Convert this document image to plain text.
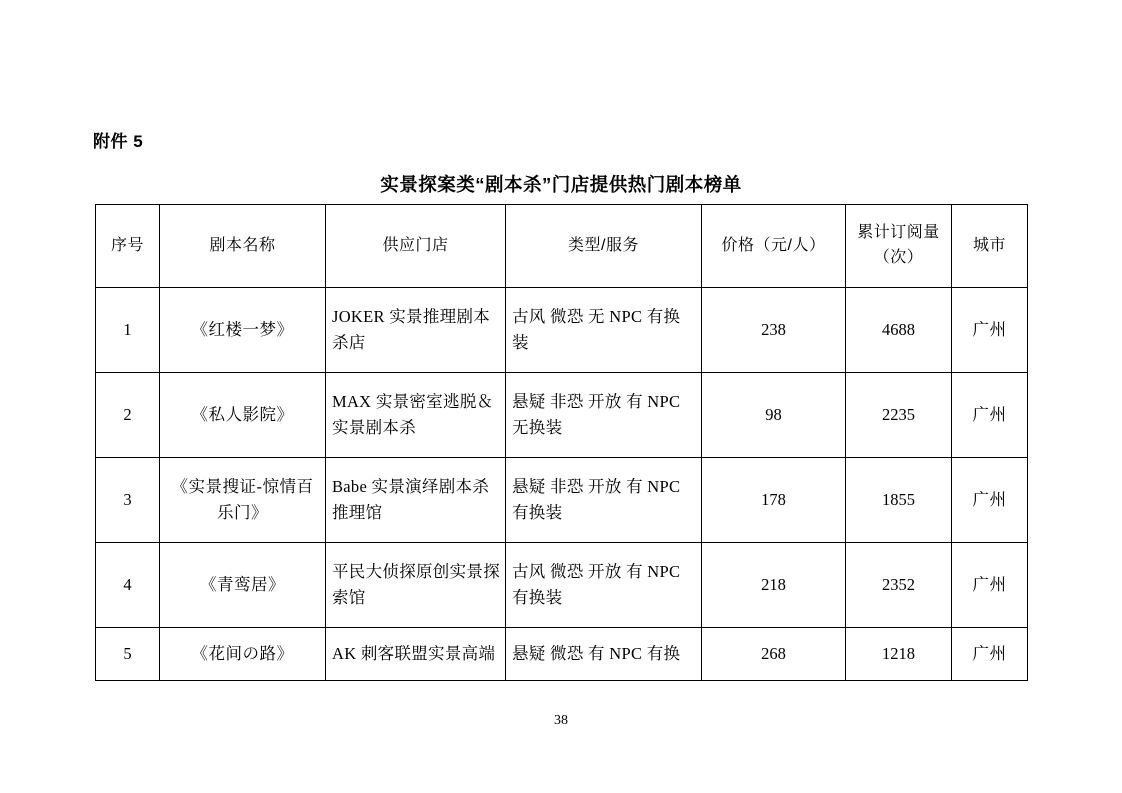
附件 5
实景探案类“剧本杀”门店提供热门剧本榜单
序号	剧本名称	供应门店	类型/服务	价格（元/人）	累计订阅量（次）	城市
1	《红楼一梦》	JOKER 实景推理剧本杀店	古风 微恐 无 NPC 有换装	238	4688	广州
2	《私人影院》	MAX 实景密室逃脱＆实景剧本杀	悬疑 非恐 开放 有 NPC 无换装	98	2235	广州
3	《实景搜证-惊情百乐门》	Babe 实景演绎剧本杀推理馆	悬疑 非恐 开放 有 NPC 有换装	178	1855	广州
4	《青鸾居》	平民大侦探原创实景探索馆	古风 微恐 开放 有 NPC 有换装	218	2352	广州
5	《花间の路》	AK 刺客联盟实景高端	悬疑 微恐 有 NPC 有换	268	1218	广州
38
